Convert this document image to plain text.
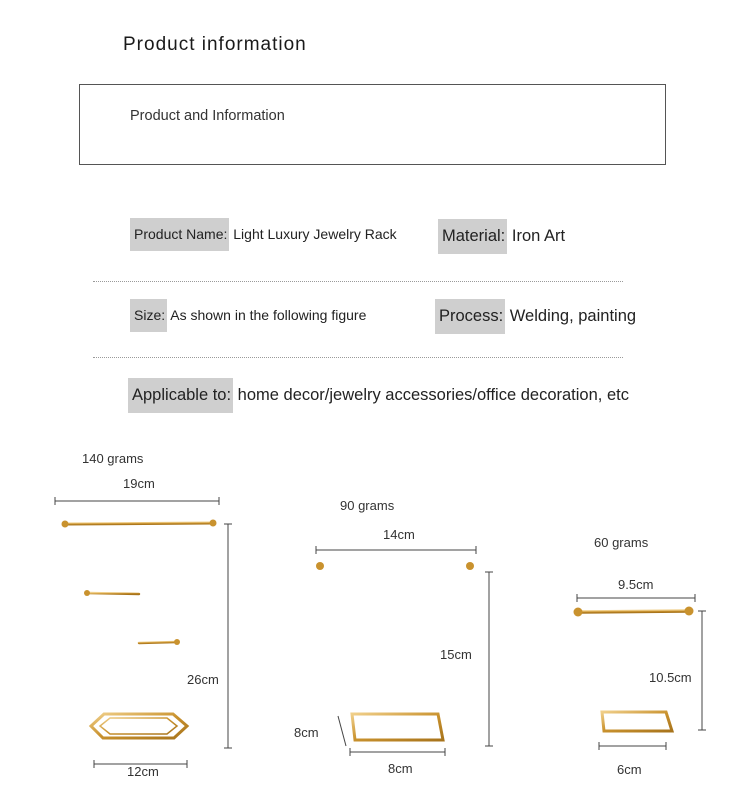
Product information
Product and Information
Product Name: Light Luxury Jewelry Rack	Material: Iron Art
Size: As shown in the following figure	Process: Welding, painting
Applicable to: home decor/jewelry accessories/office decoration, etc
140 grams
19cm
26cm
12cm
90 grams
14cm
15cm
8cm
8cm
60 grams
9.5cm
10.5cm
6cm
